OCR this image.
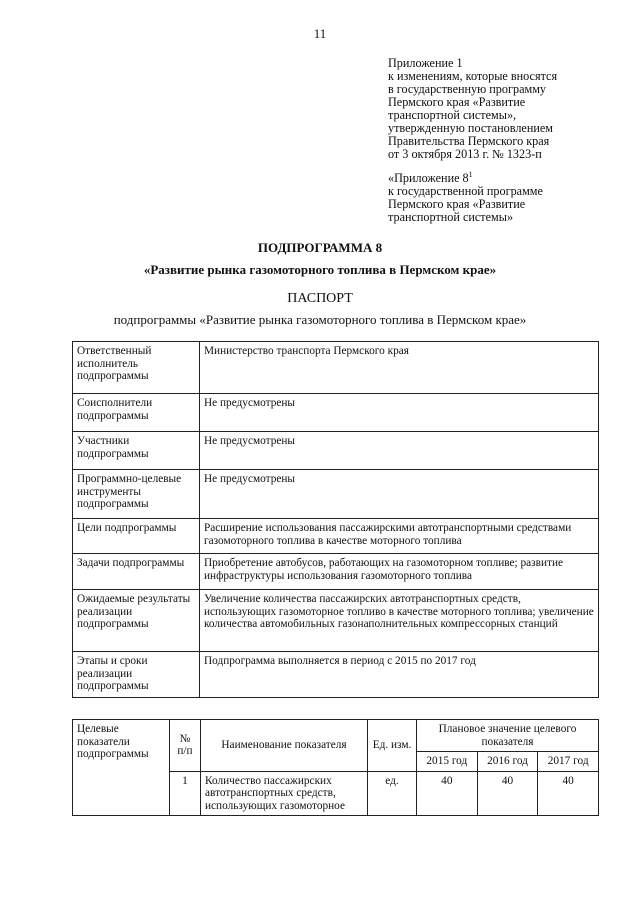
11
Приложение 1
к изменениям, которые вносятся
в государственную программу
Пермского края «Развитие
транспортной системы»,
утвержденную постановлением
Правительства Пермского края
от 3 октября 2013 г. № 1323-п
«Приложение $8^1$
к государственной программе
Пермского края «Развитие
транспортной системы»
ПОДПРОГРАММА 8
«Развитие рынка газомоторного топлива в Пермском крае»
ПАСПОРТ
подпрограммы «Развитие рынка газомоторного топлива в Пермском крае»
Ответственный исполнитель подпрограммы	Министерство транспорта Пермского края
Соисполнители подпрограммы	Не предусмотрены
Участники подпрограммы	Не предусмотрены
Программно-целевые инструменты подпрограммы	Не предусмотрены
Цели подпрограммы	Расширение использования пассажирскими автотранспортными средствами газомоторного топлива в качестве моторного топлива
Задачи подпрограммы	Приобретение автобусов, работающих на газомоторном топливе; развитие инфраструктуры использования газомоторного топлива
Ожидаемые результаты реализации подпрограммы	Увеличение количества пассажирских автотранспортных средств, использующих газомоторное топливо в качестве моторного топлива; увеличение количества автомобильных газонаполнительных компрессорных станций
Этапы и сроки реализации подпрограммы	Подпрограмма выполняется в период с 2015 по 2017 год
Целевые показатели подпрограммы	№ п/п	Наименование показателя	Ед. изм.	Плановое значение целевого показателя		
				2015 год	2016 год	2017 год
	1	Количество пассажирских автотранспортных средств, использующих газомоторное	ед.	40	40	40
